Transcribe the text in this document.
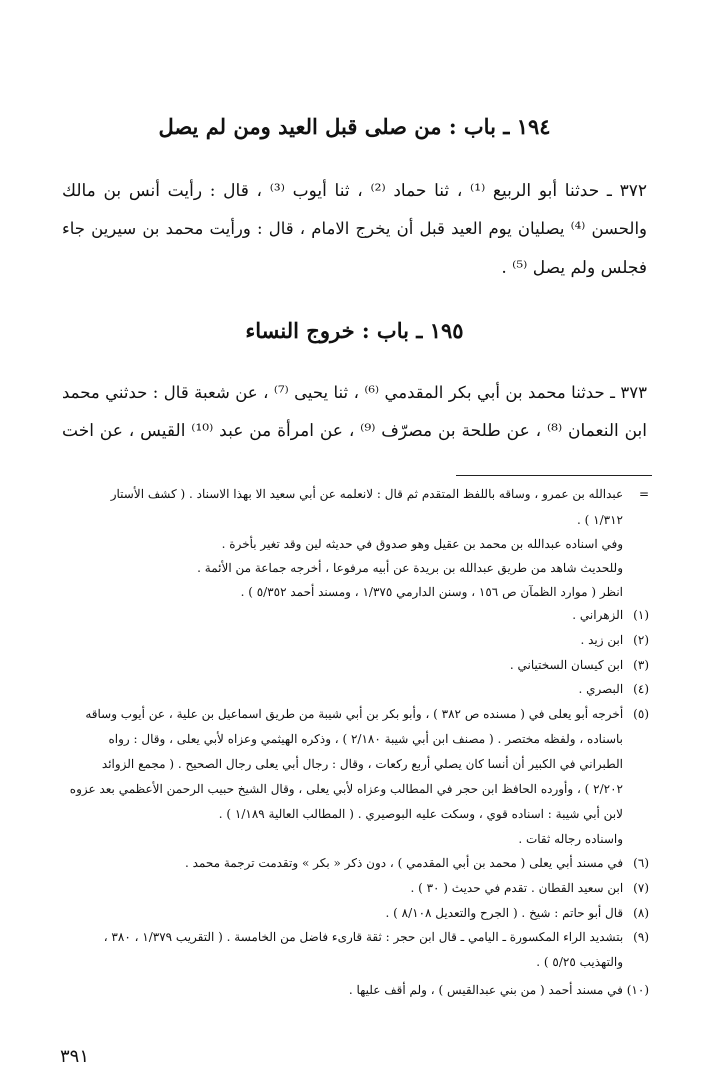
١٩٤ ـ باب : من صلى قبل العيد ومن لم يصل
٣٧٢ ـ حدثنا أبو الربيع ⁽¹⁾ ، ثنا حماد ⁽²⁾ ، ثنا أيوب ⁽³⁾ ، قال : رأيت أنس بن مالك
والحسن ⁽⁴⁾ يصليان يوم العيد قبل أن يخرج الامام ، قال : ورأيت محمد بن سيرين جاء
فجلس ولم يصل ⁽⁵⁾ .
١٩٥ ـ باب : خروج النساء
٣٧٣ ـ حدثنا محمد بن أبي بكر المقدمي ⁽⁶⁾ ، ثنا يحيى ⁽⁷⁾ ، عن شعبة قال : حدثني محمد
ابن النعمان ⁽⁸⁾ ، عن طلحة بن مصرّف ⁽⁹⁾ ، عن امرأة من عبد ⁽¹⁰⁾ القيس ، عن اخت
= عبدالله بن عمرو ، وساقه باللفظ المتقدم ثم قال : لانعلمه عن أبي سعيد الا بهذا الاسناد . ( كشف الأستار
١/٣١٢ ) .
وفي اسناده عبدالله بن محمد بن عقيل وهو صدوق في حديثه لين وقد تغير بأخرة .
وللحديث شاهد من طريق عبدالله بن بريدة عن أبيه مرفوعا ، أخرجه جماعة من الأئمة .
انظر ( موارد الظمآن ص ١٥٦ ، وسنن الدارمي ١/٣٧٥ ، ومسند أحمد ٥/٣٥٢ ) .
(١) الزهراني .
(٢) ابن زيد .
(٣) ابن كيسان السختياني .
(٤) البصري .
(٥) أخرجه أبو يعلى في ( مسنده ص ٣٨٢ ) ، وأبو بكر بن أبي شيبة من طريق اسماعيل بن علية ، عن أيوب وساقه
باسناده ، ولفظه مختصر . ( مصنف ابن أبي شيبة ٢/١٨٠ ) ، وذكره الهيثمي وعزاه لأبي يعلى ، وقال : رواه
الطبراني في الكبير أن أنسا كان يصلي أربع ركعات ، وقال : رجال أبي يعلى رجال الصحيح . ( مجمع الزوائد
٢/٢٠٢ ) ، وأورده الحافظ ابن حجر في المطالب وعزاه لأبي يعلى ، وقال الشيخ حبيب الرحمن الأعظمي بعد عزوه
لابن أبي شيبة : اسناده قوي ، وسكت عليه البوصيري . ( المطالب العالية ١/١٨٩ ) .
واسناده رجاله ثقات .
(٦) في مسند أبي يعلى ( محمد بن أبي المقدمي ) ، دون ذكر « بكر » وتقدمت ترجمة محمد .
(٧) ابن سعيد القطان . تقدم في حديث ( ٣٠ ) .
(٨) قال أبو حاتم : شيخ . ( الجرح والتعديل ٨/١٠٨ ) .
(٩) بتشديد الراء المكسورة ـ اليامي ـ قال ابن حجر : ثقة قارىء فاضل من الخامسة . ( التقريب ١/٣٧٩ ، ٣٨٠ ،
والتهذيب ٥/٢٥ ) .
(١٠) في مسند أحمد ( من بني عبدالقيس ) ، ولم أقف عليها .
٣٩١
